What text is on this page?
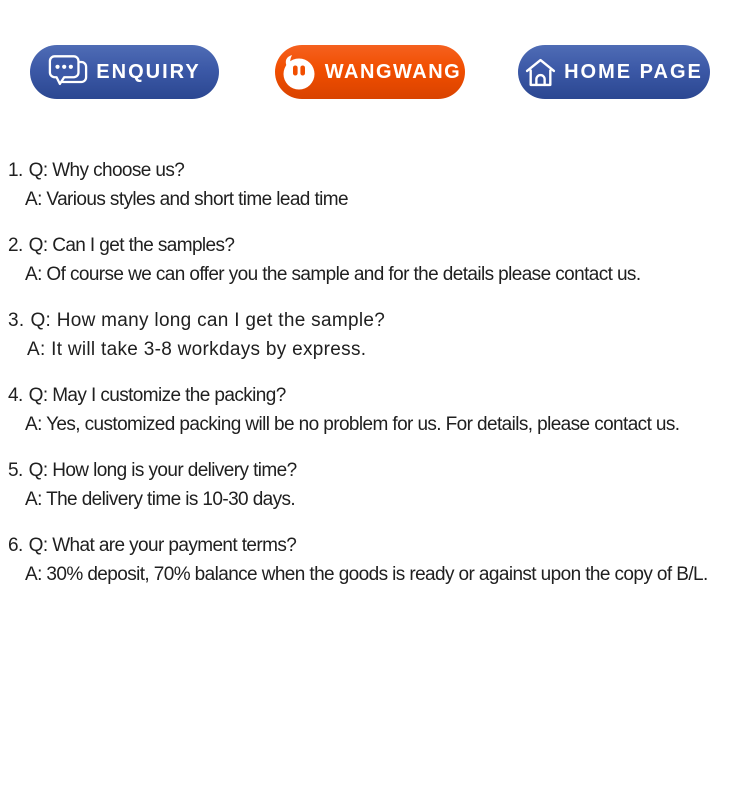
ENQUIRY	WANGWANG	HOME PAGE
1. Q: Why choose us?
A: Various styles and short time lead time
2. Q: Can I get the samples?
A: Of course we can offer you the sample and for the details please contact us.
3. Q: How many long can I get the sample?
A: It will take 3-8 workdays by express.
4. Q: May I customize the packing?
A: Yes, customized packing will be no problem for us. For details, please contact us.
5. Q: How long is your delivery time?
A: The delivery time is 10-30 days.
6. Q: What are your payment terms?
A: 30% deposit, 70% balance when the goods is ready or against upon the copy of B/L.
